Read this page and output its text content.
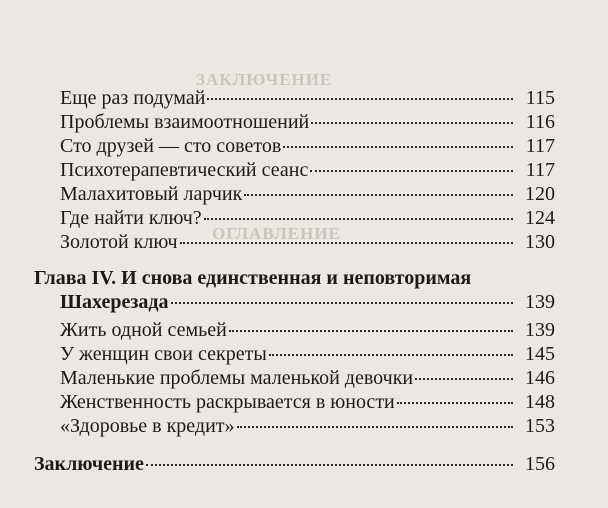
ЗАКЛЮЧЕНИЕ
ОГЛАВЛЕНИЕ
Еще раз подумай	115
Проблемы взаимоотношений	116
Сто друзей — сто советов	117
Психотерапевтический сеанс	117
Малахитовый ларчик	120
Где найти ключ?	124
Золотой ключ	130
Глава IV. И снова единственная и неповторимая
Шахерезада	139
Жить одной семьей	139
У женщин свои секреты	145
Маленькие проблемы маленькой девочки	146
Женственность раскрывается в юности	148
«Здоровье в кредит»	153
Заключение	156
